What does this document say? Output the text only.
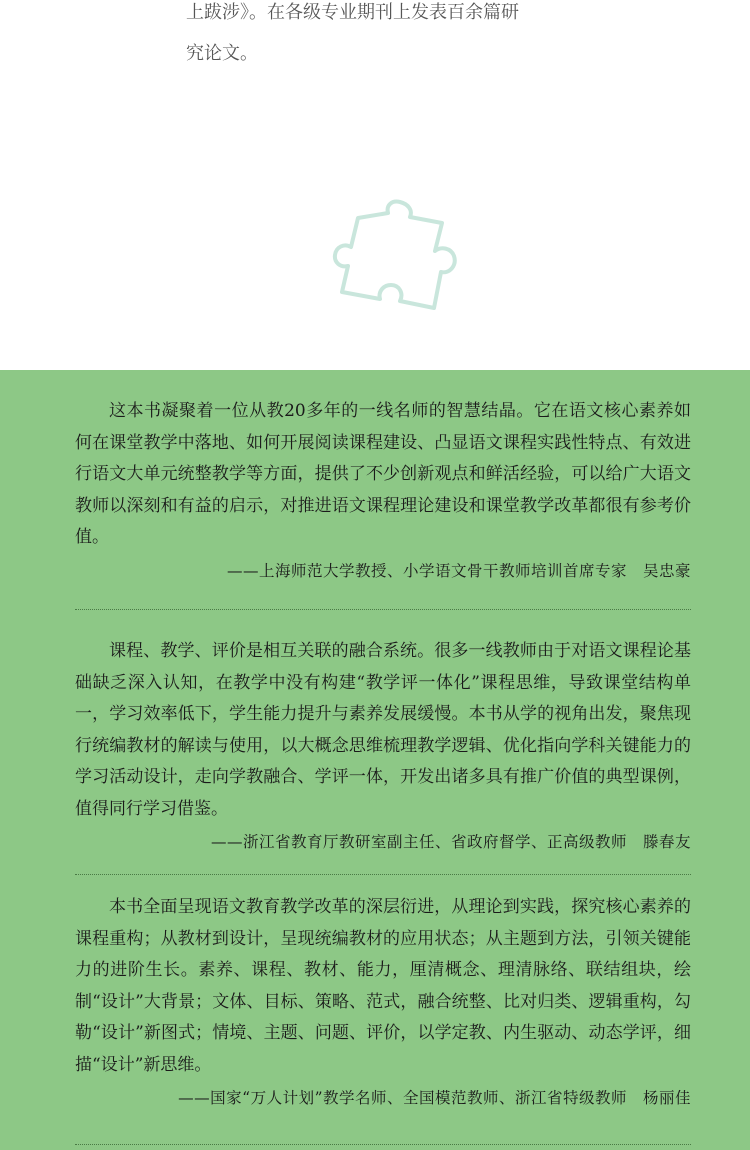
上跋涉》。在各级专业期刊上发表百余篇研
究论文。

这本书凝聚着一位从教20多年的一线名师的智慧结晶。它在语文核心素养如何在课堂教学中落地、如何开展阅读课程建设、凸显语文课程实践性特点、有效进行语文大单元统整教学等方面，提供了不少创新观点和鲜活经验，可以给广大语文教师以深刻和有益的启示，对推进语文课程理论建设和课堂教学改革都很有参考价值。

——上海师范大学教授、小学语文骨干教师培训首席专家　吴忠豪

课程、教学、评价是相互关联的融合系统。很多一线教师由于对语文课程论基础缺乏深入认知，在教学中没有构建“教学评一体化”课程思维，导致课堂结构单一，学习效率低下，学生能力提升与素养发展缓慢。本书从学的视角出发，聚焦现行统编教材的解读与使用，以大概念思维梳理教学逻辑、优化指向学科关键能力的学习活动设计，走向学教融合、学评一体，开发出诸多具有推广价值的典型课例，值得同行学习借鉴。

——浙江省教育厅教研室副主任、省政府督学、正高级教师　滕春友

本书全面呈现语文教育教学改革的深层衍进，从理论到实践，探究核心素养的课程重构；从教材到设计，呈现统编教材的应用状态；从主题到方法，引领关键能力的进阶生长。素养、课程、教材、能力，厘清概念、理清脉络、联结组块，绘制“设计”大背景；文体、目标、策略、范式，融合统整、比对归类、逻辑重构，勾勒“设计”新图式；情境、主题、问题、评价，以学定教、内生驱动、动态学评，细描“设计”新思维。

——国家“万人计划”教学名师、全国模范教师、浙江省特级教师　杨丽佳
